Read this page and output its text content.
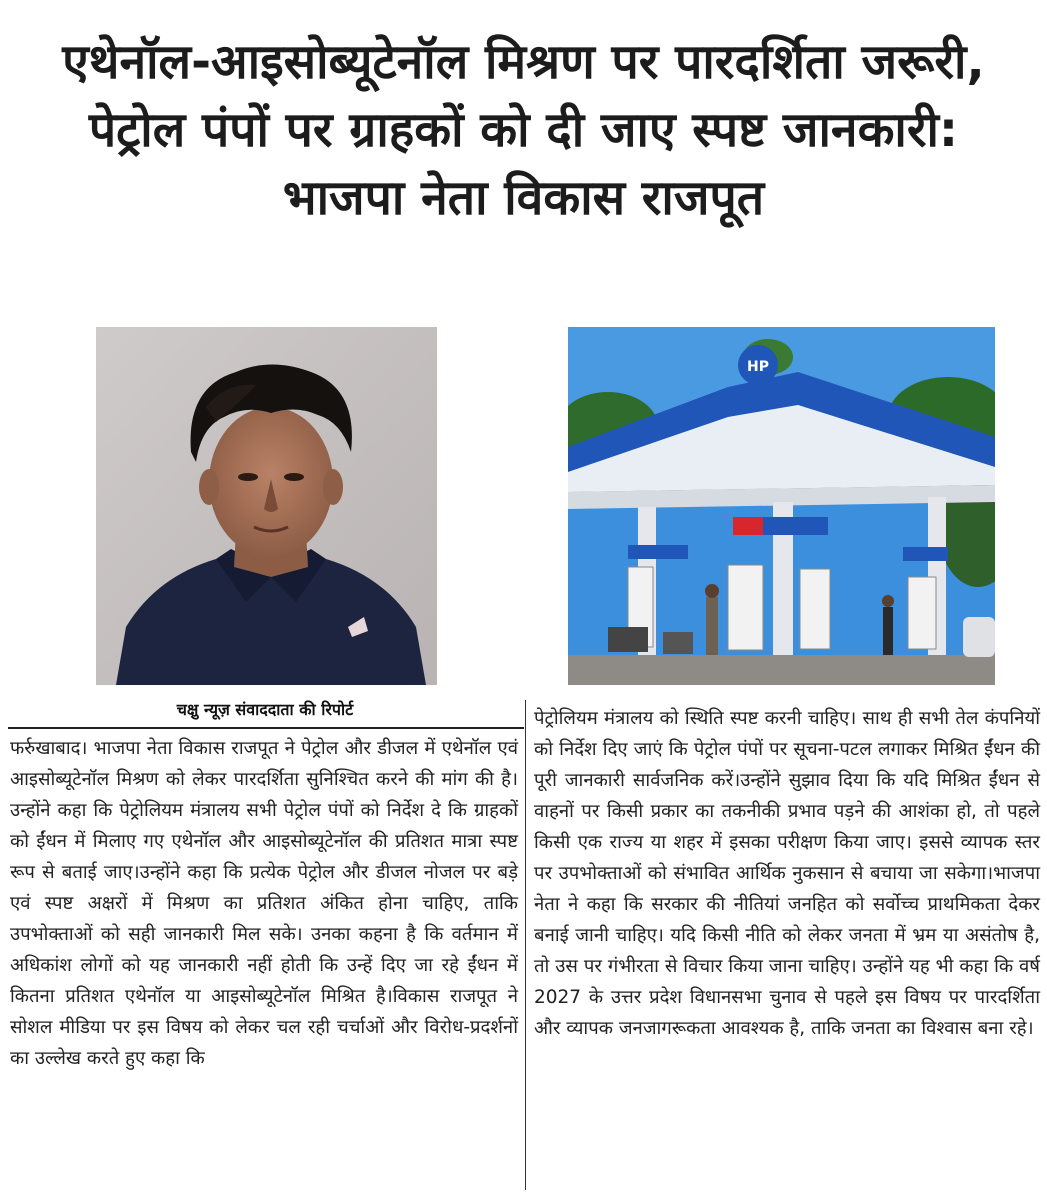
एथेनॉल-आइसोब्यूटेनॉल मिश्रण पर पारदर्शिता जरूरी, पेट्रोल पंपों पर ग्राहकों को दी जाए स्पष्ट जानकारी: भाजपा नेता विकास राजपूत
HP
चक्षु न्यूज़ संवाददाता की रिपोर्ट

फर्रुखाबाद। भाजपा नेता विकास राजपूत ने पेट्रोल और डीजल में एथेनॉल एवं आइसोब्यूटेनॉल मिश्रण को लेकर पारदर्शिता सुनिश्चित करने की मांग की है। उन्होंने कहा कि पेट्रोलियम मंत्रालय सभी पेट्रोल पंपों को निर्देश दे कि ग्राहकों को ईंधन में मिलाए गए एथेनॉल और आइसोब्यूटेनॉल की प्रतिशत मात्रा स्पष्ट रूप से बताई जाए।उन्होंने कहा कि प्रत्येक पेट्रोल और डीजल नोजल पर बड़े एवं स्पष्ट अक्षरों में मिश्रण का प्रतिशत अंकित होना चाहिए, ताकि उपभोक्ताओं को सही जानकारी मिल सके। उनका कहना है कि वर्तमान में अधिकांश लोगों को यह जानकारी नहीं होती कि उन्हें दिए जा रहे ईंधन में कितना प्रतिशत एथेनॉल या आइसोब्यूटेनॉल मिश्रित है।विकास राजपूत ने सोशल मीडिया पर इस विषय को लेकर चल रही चर्चाओं और विरोध-प्रदर्शनों का उल्लेख करते हुए कहा कि

पेट्रोलियम मंत्रालय को स्थिति स्पष्ट करनी चाहिए। साथ ही सभी तेल कंपनियों को निर्देश दिए जाएं कि पेट्रोल पंपों पर सूचना-पटल लगाकर मिश्रित ईंधन की पूरी जानकारी सार्वजनिक करें।उन्होंने सुझाव दिया कि यदि मिश्रित ईंधन से वाहनों पर किसी प्रकार का तकनीकी प्रभाव पड़ने की आशंका हो, तो पहले किसी एक राज्य या शहर में इसका परीक्षण किया जाए। इससे व्यापक स्तर पर उपभोक्ताओं को संभावित आर्थिक नुकसान से बचाया जा सकेगा।भाजपा नेता ने कहा कि सरकार की नीतियां जनहित को सर्वोच्च प्राथमिकता देकर बनाई जानी चाहिए। यदि किसी नीति को लेकर जनता में भ्रम या असंतोष है, तो उस पर गंभीरता से विचार किया जाना चाहिए। उन्होंने यह भी कहा कि वर्ष 2027 के उत्तर प्रदेश विधानसभा चुनाव से पहले इस विषय पर पारदर्शिता और व्यापक जनजागरूकता आवश्यक है, ताकि जनता का विश्वास बना रहे।
